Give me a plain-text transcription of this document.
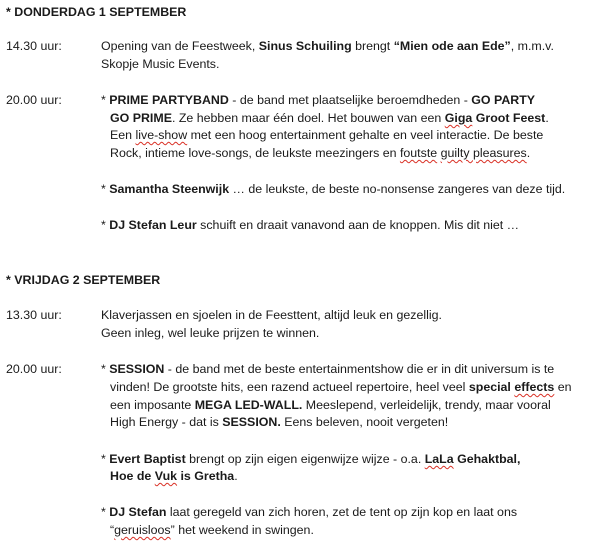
* DONDERDAG 1 SEPTEMBER
14.30 uur:	Opening van de Feestweek, Sinus Schuiling brengt “Mien ode aan Ede”, m.m.v.
Skopje Music Events.
20.00 uur:	* PRIME PARTYBAND - de band met plaatselijke beroemdheden - GO PARTY
GO PRIME. Ze hebben maar één doel. Het bouwen van een Giga Groot Feest.
Een live-show met een hoog entertainment gehalte en veel interactie. De beste
Rock, intieme love-songs, de leukste meezingers en foutste guilty pleasures.
* Samantha Steenwijk … de leukste, de beste no-nonsense zangeres van deze tijd.
* DJ Stefan Leur schuift en draait vanavond aan de knoppen. Mis dit niet …
* VRIJDAG 2 SEPTEMBER
13.30 uur:	Klaverjassen en sjoelen in de Feesttent, altijd leuk en gezellig.
Geen inleg, wel leuke prijzen te winnen.
20.00 uur:	* SESSION - de band met de beste entertainmentshow die er in dit universum is te
vinden! De grootste hits, een razend actueel repertoire, heel veel special effects en
een imposante MEGA LED-WALL. Meeslepend, verleidelijk, trendy, maar vooral
High Energy - dat is SESSION. Eens beleven, nooit vergeten!
* Evert Baptist brengt op zijn eigen eigenwijze wijze - o.a. LaLa Gehaktbal,
Hoe de Vuk is Gretha.
* DJ Stefan laat geregeld van zich horen, zet de tent op zijn kop en laat ons
“geruisloos” het weekend in swingen.
